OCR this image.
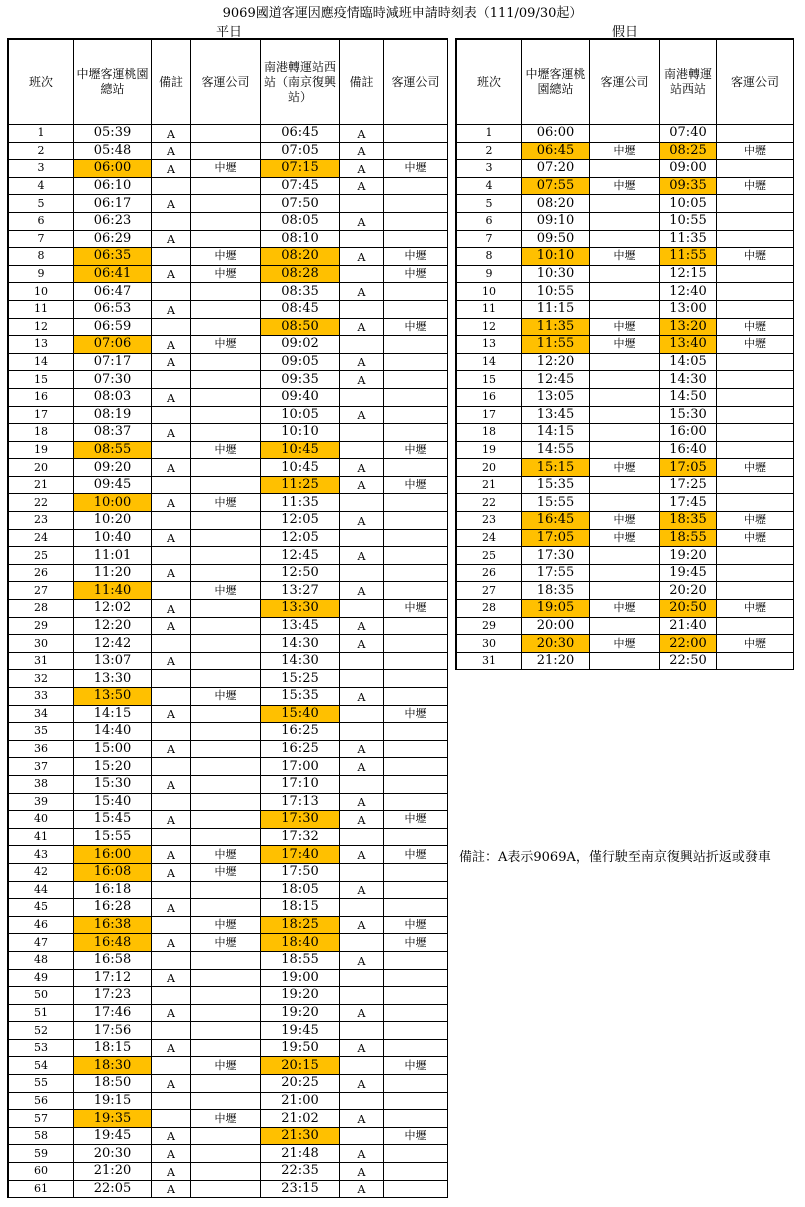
9069國道客運因應疫情臨時減班申請時刻表（111/09/30起）
平日	假日
班次	中壢客運桃園總站	備註	客運公司	南港轉運站西站（南京復興站）	備註	客運公司
1	05:39	A		06:45	A	
2	05:48	A		07:05	A	
3	06:00	A	中壢	07:15	A	中壢
4	06:10			07:45	A	
5	06:17	A		07:50		
6	06:23			08:05	A	
7	06:29	A		08:10		
8	06:35		中壢	08:20	A	中壢
9	06:41	A	中壢	08:28		中壢
10	06:47			08:35	A	
11	06:53	A		08:45		
12	06:59			08:50	A	中壢
13	07:06	A	中壢	09:02		
14	07:17	A		09:05	A	
15	07:30			09:35	A	
16	08:03	A		09:40		
17	08:19			10:05	A	
18	08:37	A		10:10		
19	08:55		中壢	10:45		中壢
20	09:20	A		10:45	A	
21	09:45			11:25	A	中壢
22	10:00	A	中壢	11:35		
23	10:20			12:05	A	
24	10:40	A		12:05		
25	11:01			12:45	A	
26	11:20	A		12:50		
27	11:40		中壢	13:27	A	
28	12:02	A		13:30		中壢
29	12:20	A		13:45	A	
30	12:42			14:30	A	
31	13:07	A		14:30		
32	13:30			15:25		
33	13:50		中壢	15:35	A	
34	14:15	A		15:40		中壢
35	14:40			16:25		
36	15:00	A		16:25	A	
37	15:20			17:00	A	
38	15:30	A		17:10		
39	15:40			17:13	A	
40	15:45	A		17:30	A	中壢
41	15:55			17:32		
43	16:00	A	中壢	17:40	A	中壢
42	16:08	A	中壢	17:50		
44	16:18			18:05	A	
45	16:28	A		18:15		
46	16:38		中壢	18:25	A	中壢
47	16:48	A	中壢	18:40		中壢
48	16:58			18:55	A	
49	17:12	A		19:00		
50	17:23			19:20		
51	17:46	A		19:20	A	
52	17:56			19:45		
53	18:15	A		19:50	A	
54	18:30		中壢	20:15		中壢
55	18:50	A		20:25	A	
56	19:15			21:00		
57	19:35		中壢	21:02	A	
58	19:45	A		21:30		中壢
59	20:30	A		21:48	A	
60	21:20	A		22:35	A	
61	22:05	A		23:15	A	
班次	中壢客運桃園總站	客運公司	南港轉運站西站	客運公司
1	06:00		07:40	
2	06:45	中壢	08:25	中壢
3	07:20		09:00	
4	07:55	中壢	09:35	中壢
5	08:20		10:05	
6	09:10		10:55	
7	09:50		11:35	
8	10:10	中壢	11:55	中壢
9	10:30		12:15	
10	10:55		12:40	
11	11:15		13:00	
12	11:35	中壢	13:20	中壢
13	11:55	中壢	13:40	中壢
14	12:20		14:05	
15	12:45		14:30	
16	13:05		14:50	
17	13:45		15:30	
18	14:15		16:00	
19	14:55		16:40	
20	15:15	中壢	17:05	中壢
21	15:35		17:25	
22	15:55		17:45	
23	16:45	中壢	18:35	中壢
24	17:05	中壢	18:55	中壢
25	17:30		19:20	
26	17:55		19:45	
27	18:35		20:20	
28	19:05	中壢	20:50	中壢
29	20:00		21:40	
30	20:30	中壢	22:00	中壢
31	21:20		22:50	
備註：A表示9069A，僅行駛至南京復興站折返或發車
